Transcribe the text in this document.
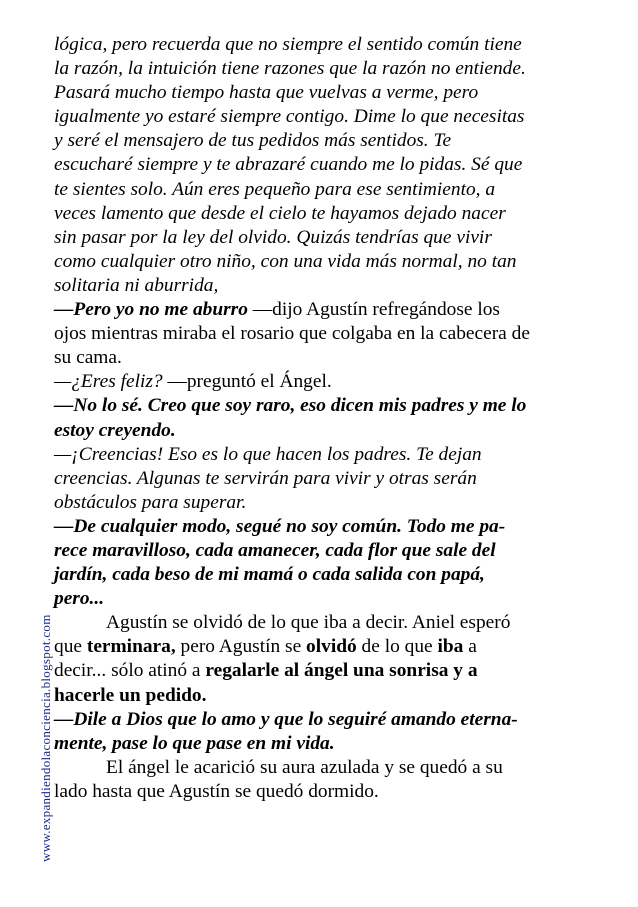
lógica, pero recuerda que no siempre el sentido común tiene
la razón, la intuición tiene razones que la razón no entiende.
Pasará mucho tiempo hasta que vuelvas a verme, pero
igualmente yo estaré siempre contigo. Dime lo que necesitas
y seré el mensajero de tus pedidos más sentidos. Te
escucharé siempre y te abrazaré cuando me lo pidas. Sé que
te sientes solo. Aún eres pequeño para ese sentimiento, a
veces lamento que desde el cielo te hayamos dejado nacer
sin pasar por la ley del olvido. Quizás tendrías que vivir
como cualquier otro niño, con una vida más normal, no tan
solitaria ni aburrida,
—Pero yo no me aburro —dijo Agustín refregándose los
ojos mientras miraba el rosario que colgaba en la cabecera de
su cama.
—¿Eres feliz? —preguntó el Ángel.
—No lo sé. Creo que soy raro, eso dicen mis padres y me lo
estoy creyendo.
—¡Creencias! Eso es lo que hacen los padres. Te dejan
creencias. Algunas te servirán para vivir y otras serán
obstáculos para superar.
—De cualquier modo, segué no soy común. Todo me pa-
rece maravilloso, cada amanecer, cada flor que sale del
jardín, cada beso de mi mamá o cada salida con papá,
pero...
Agustín se olvidó de lo que iba a decir. Aniel esperó
que terminara, pero Agustín se olvidó de lo que iba a
decir... sólo atinó a regalarle al ángel una sonrisa y a
hacerle un pedido.
—Dile a Dios que lo amo y que lo seguiré amando eterna-
mente, pase lo que pase en mi vida.
El ángel le acarició su aura azulada y se quedó a su
lado hasta que Agustín se quedó dormido.
www.expandiendolaconciencia.blogspot.com
